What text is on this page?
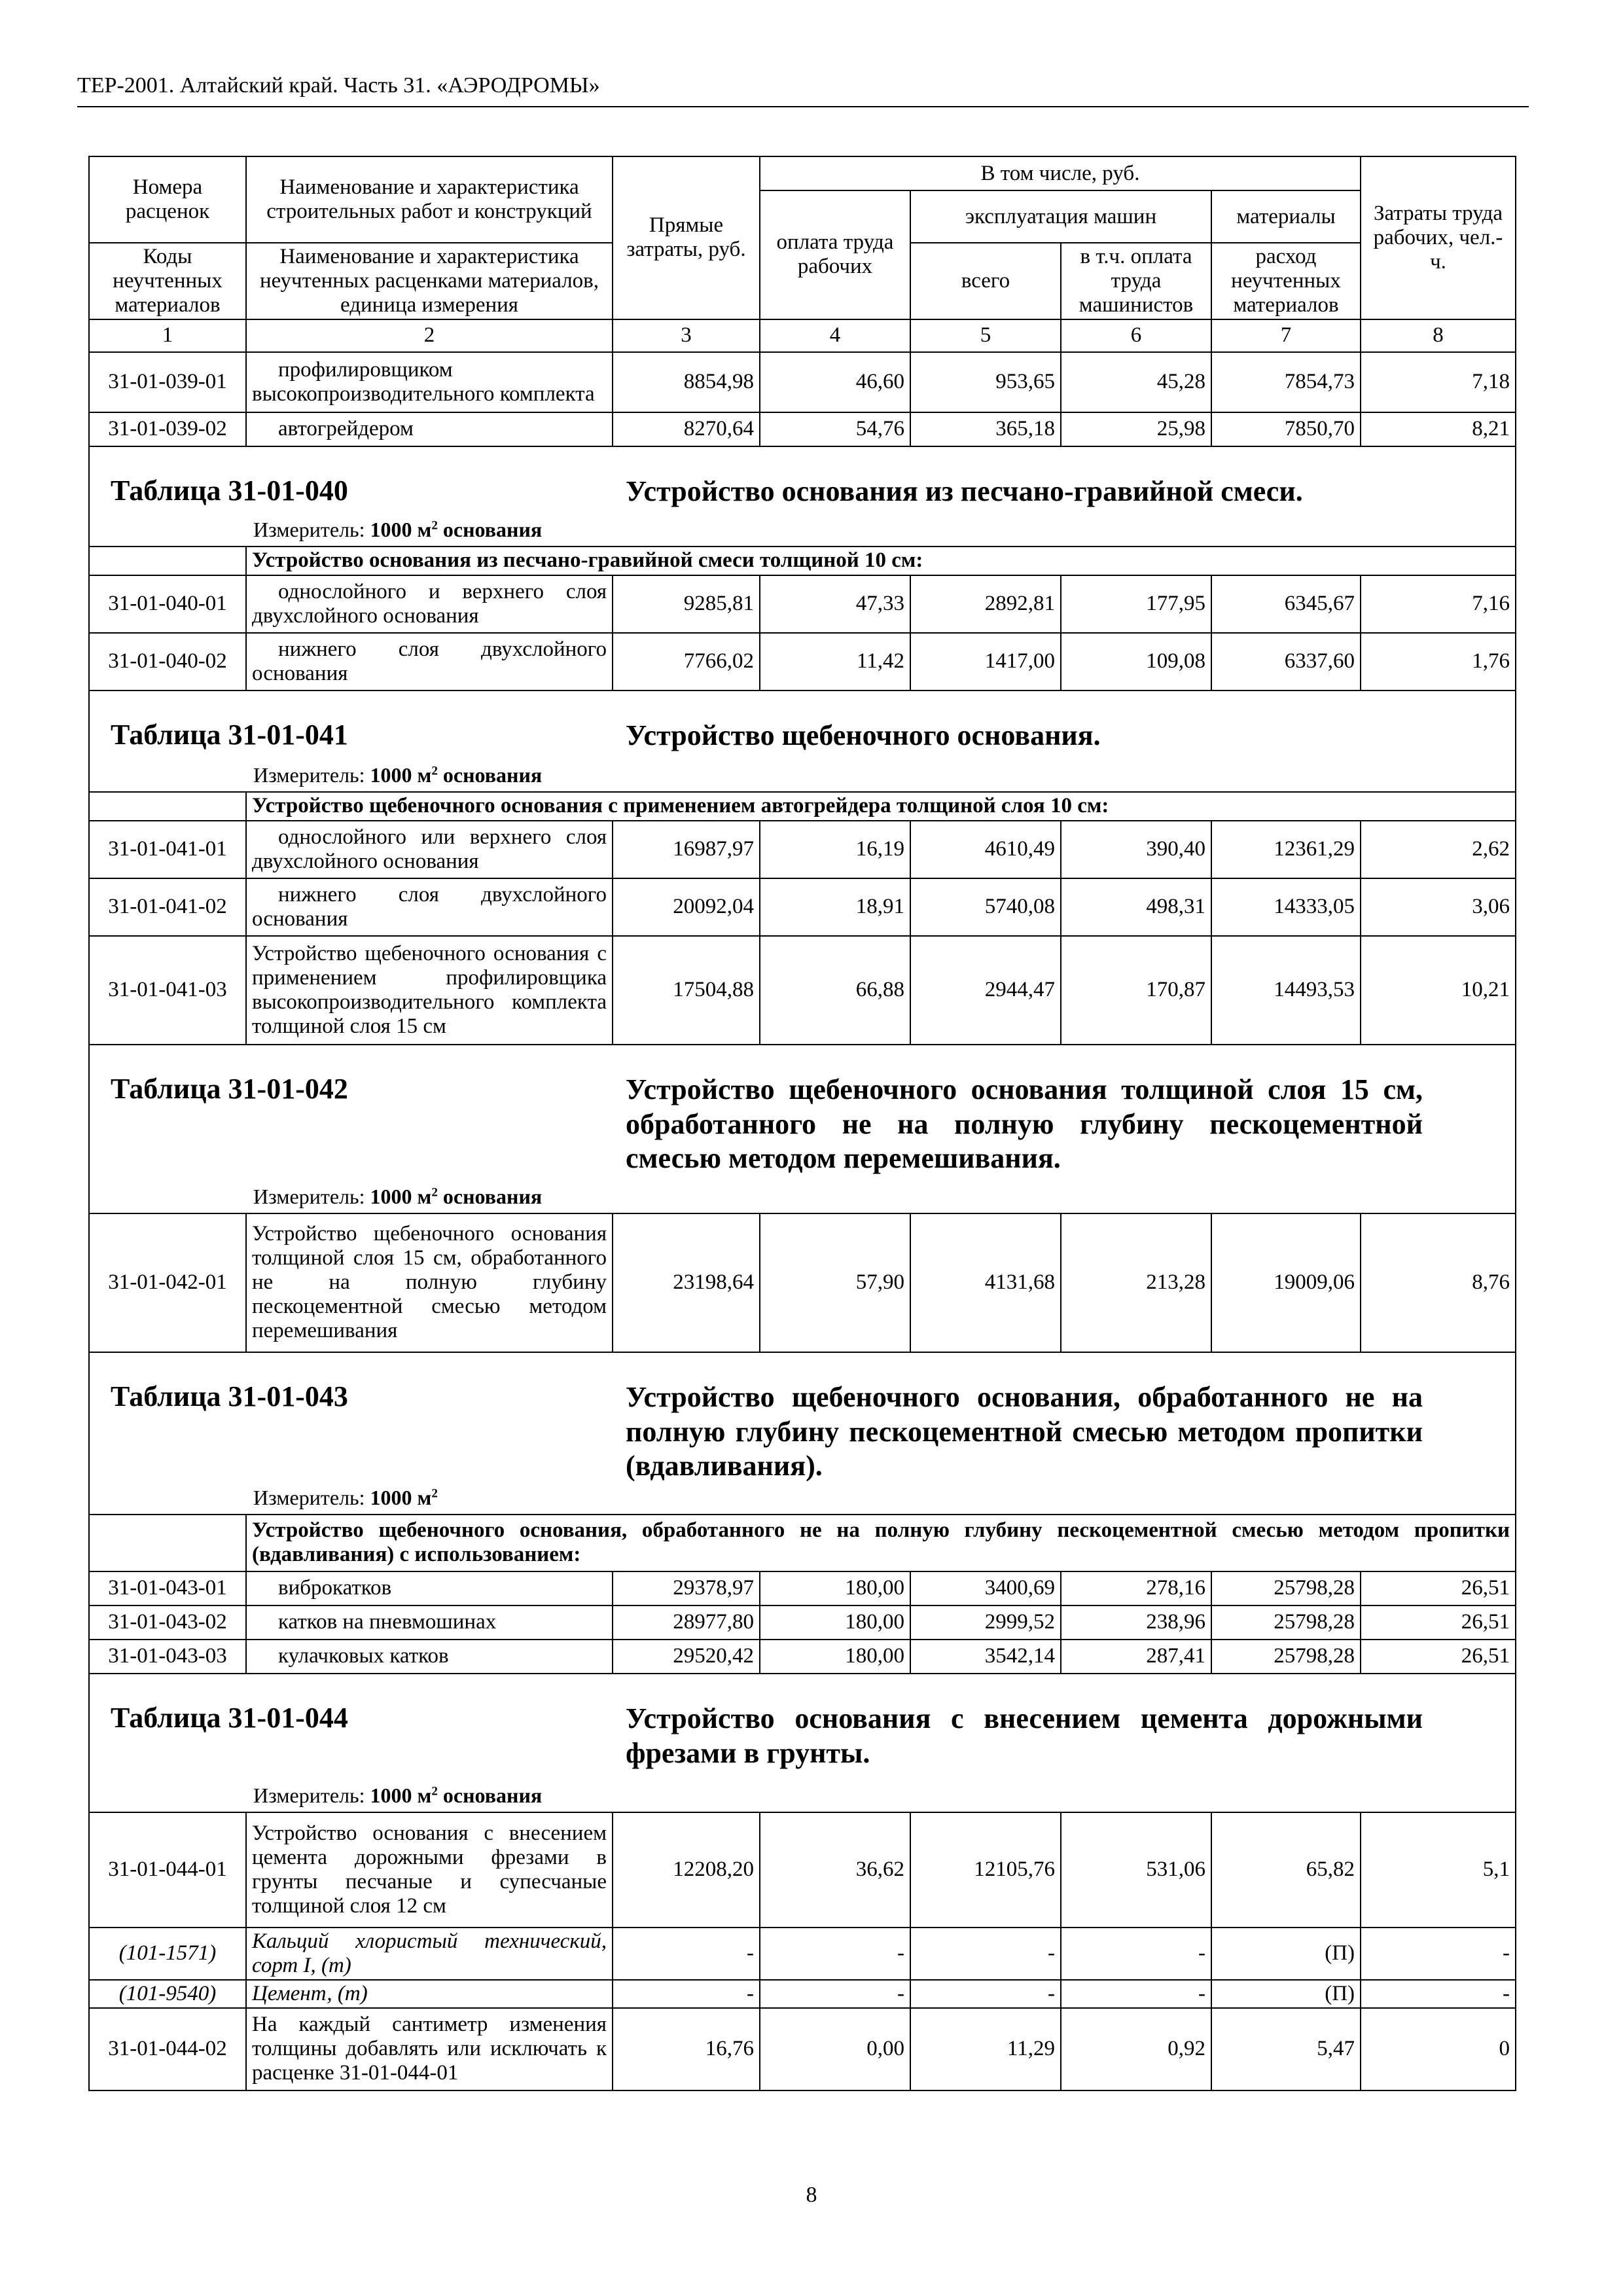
ТЕР-2001. Алтайский край. Часть 31. «АЭРОДРОМЫ»
Номера расценок	Наименование и характеристика строительных работ и конструкций	Прямые затраты, руб.	В том числе, руб.				Затраты труда рабочих, чел.-ч.
			оплата труда рабочих	эксплуатация машин		материалы	
Коды неучтенных материалов	Наименование и характеристика неучтенных расценками материалов, единица измерения			всего	в т.ч. оплата труда машинистов	расход неучтенных материалов	
1	2	3	4	5	6	7	8
31-01-039-01	профилировщиком высокопроизводительного комплекта	8854,98	46,60	953,65	45,28	7854,73	7,18
31-01-039-02	автогрейдером	8270,64	54,76	365,18	25,98	7850,70	8,21

Таблица 31-01-040 Устройство основания из песчано-гравийной смеси.
Измеритель: 1000 $м^2$ основания							

	Устройство основания из песчано-гравийной смеси толщиной 10 см:						
31-01-040-01	однослойного и верхнего слоя двухслойного основания	9285,81	47,33	2892,81	177,95	6345,67	7,16
31-01-040-02	нижнего слоя двухслойного основания	7766,02	11,42	1417,00	109,08	6337,60	1,76

Таблица 31-01-041 Устройство щебеночного основания.
Измеритель: 1000 $м^2$ основания							

	Устройство щебеночного основания с применением автогрейдера толщиной слоя 10 см:						
31-01-041-01	однослойного или верхнего слоя двухслойного основания	16987,97	16,19	4610,49	390,40	12361,29	2,62
31-01-041-02	нижнего слоя двухслойного основания	20092,04	18,91	5740,08	498,31	14333,05	3,06
31-01-041-03	Устройство щебеночного основания с применением профилировщика высокопроизводительного комплекта толщиной слоя 15 см	17504,88	66,88	2944,47	170,87	14493,53	10,21

Таблица 31-01-042 Устройство щебеночного основания толщиной слоя 15 см, обработанного не на полную глубину пескоцементной смесью методом перемешивания.
Измеритель: 1000 $м^2$ основания							

31-01-042-01	Устройство щебеночного основания толщиной слоя 15 см, обработанного не на полную глубину пескоцементной смесью методом перемешивания	23198,64	57,90	4131,68	213,28	19009,06	8,76

Таблица 31-01-043 Устройство щебеночного основания, обработанного не на полную глубину пескоцементной смесью методом пропитки (вдавливания).
Измеритель: 1000 $м^2$

	Устройство щебеночного основания, обработанного не на полную глубину пескоцементной смесью методом пропитки (вдавливания) с использованием:						
31-01-043-01	виброкатков	29378,97	180,00	3400,69	278,16	25798,28	26,51
31-01-043-02	катков на пневмошинах	28977,80	180,00	2999,52	238,96	25798,28	26,51
31-01-043-03	кулачковых катков	29520,42	180,00	3542,14	287,41	25798,28	26,51

Таблица 31-01-044 Устройство основания с внесением цемента дорожными фрезами в грунты.
Измеритель: 1000 $м^2$ основания							

31-01-044-01	Устройство основания с внесением цемента дорожными фрезами в грунты песчаные и супесчаные толщиной слоя 12 см	12208,20	36,62	12105,76	531,06	65,82	5,1
(101-1571)	Кальций хлористый технический, сорт I, (т)	-	-	-	-	(П)	-
(101-9540)	Цемент, (т)	-	-	-	-	(П)	-
31-01-044-02	На каждый сантиметр изменения толщины добавлять или исключать к расценке 31-01-044-01	16,76	0,00	11,29	0,92	5,47	0
8
